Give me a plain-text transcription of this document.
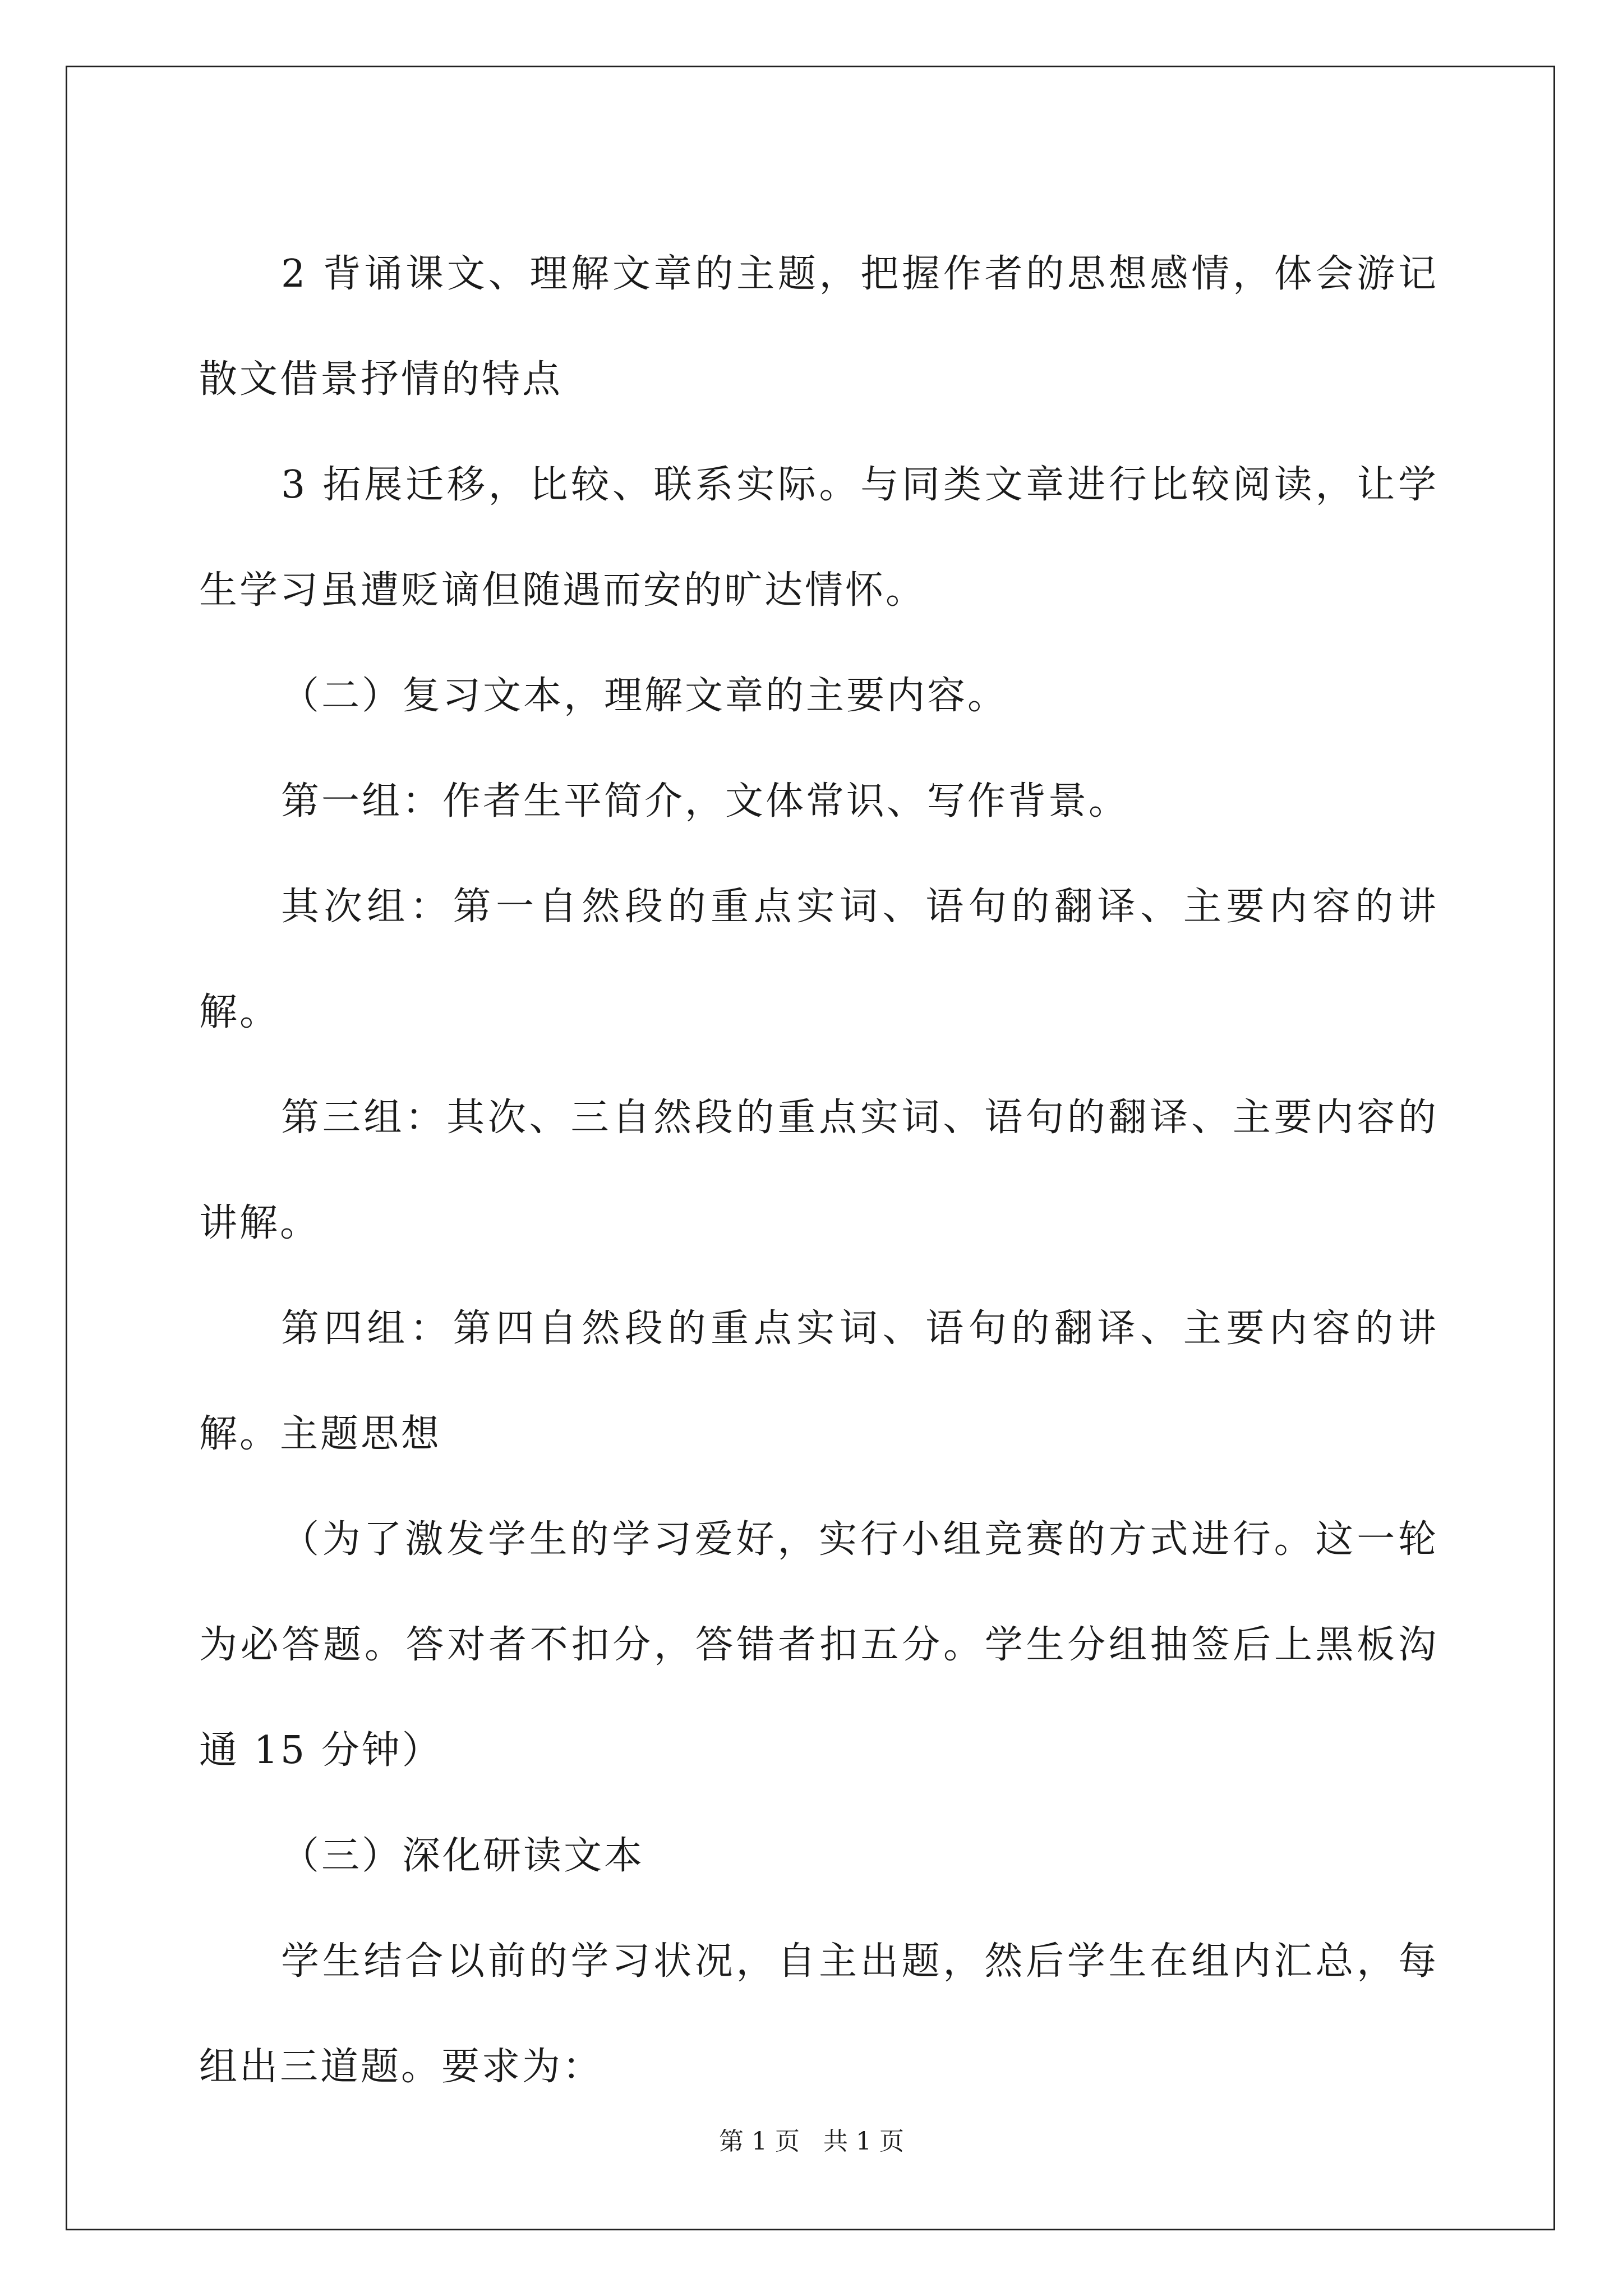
2 背诵课文、理解文章的主题，把握作者的思想感情，体会游记散文借景抒情的特点

3 拓展迁移，比较、联系实际。与同类文章进行比较阅读，让学生学习虽遭贬谪但随遇而安的旷达情怀。

（二）复习文本，理解文章的主要内容。

第一组：作者生平简介，文体常识、写作背景。

其次组：第一自然段的重点实词、语句的翻译、主要内容的讲解。

第三组：其次、三自然段的重点实词、语句的翻译、主要内容的讲解。

第四组：第四自然段的重点实词、语句的翻译、主要内容的讲解。主题思想

（为了激发学生的学习爱好，实行小组竞赛的方式进行。这一轮为必答题。答对者不扣分，答错者扣五分。学生分组抽签后上黑板沟通 15 分钟）

（三）深化研读文本

学生结合以前的学习状况，自主出题，然后学生在组内汇总，每组出三道题。要求为：

第 1 页   共 1 页
